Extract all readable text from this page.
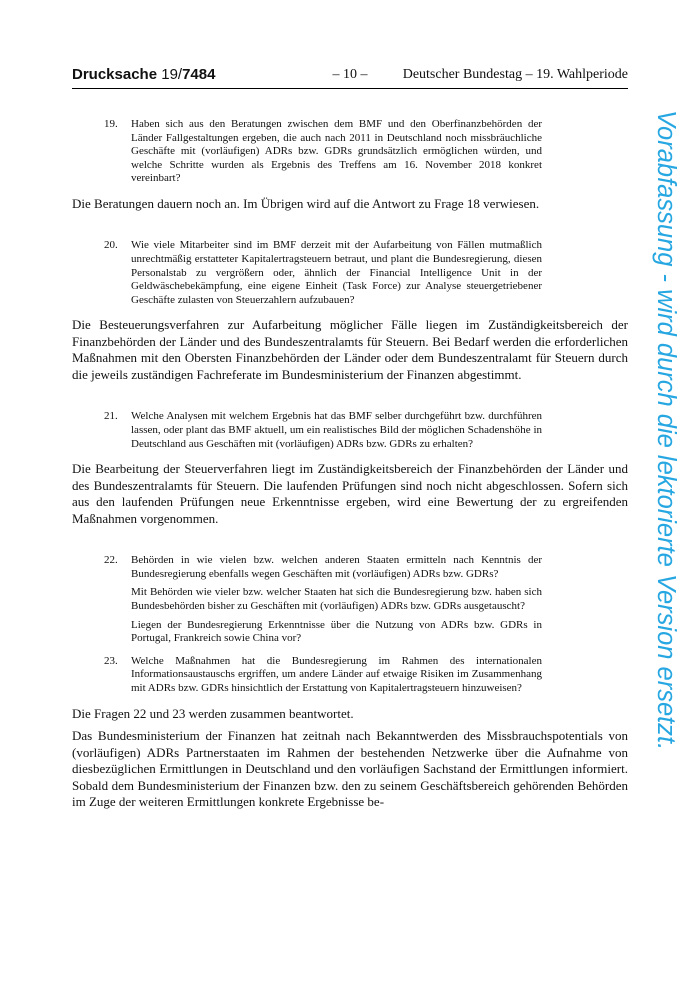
Drucksache 19/7484	– 10 –	Deutscher Bundestag – 19. Wahlperiode
Vorabfassung - wird durch die lektorierte Version ersetzt.
19. Haben sich aus den Beratungen zwischen dem BMF und den Oberfinanzbehörden der Länder Fallgestaltungen ergeben, die auch nach 2011 in Deutschland noch missbräuchliche Geschäfte mit (vorläufigen) ADRs bzw. GDRs grundsätzlich ermöglichen würden, und welche Schritte wurden als Ergebnis des Treffens am 16. November 2018 konkret vereinbart?

Die Beratungen dauern noch an. Im Übrigen wird auf die Antwort zu Frage 18 verwiesen.

20. Wie viele Mitarbeiter sind im BMF derzeit mit der Aufarbeitung von Fällen mutmaßlich unrechtmäßig erstatteter Kapitalertragsteuern betraut, und plant die Bundesregierung, diesen Personalstab zu vergrößern oder, ähnlich der Financial Intelligence Unit in der Geldwäschebekämpfung, eine eigene Einheit (Task Force) zur Analyse steuergetriebener Geschäfte zulasten von Steuerzahlern aufzubauen?

Die Besteuerungsverfahren zur Aufarbeitung möglicher Fälle liegen im Zuständigkeitsbereich der Finanzbehörden der Länder und des Bundeszentralamts für Steuern. Bei Bedarf werden die erforderlichen Maßnahmen mit den Obersten Finanzbehörden der Länder oder dem Bundeszentralamt für Steuern durch die jeweils zuständigen Fachreferate im Bundesministerium der Finanzen abgestimmt.

21. Welche Analysen mit welchem Ergebnis hat das BMF selber durchgeführt bzw. durchführen lassen, oder plant das BMF aktuell, um ein realistisches Bild der möglichen Schadenshöhe in Deutschland aus Geschäften mit (vorläufigen) ADRs bzw. GDRs zu erhalten?

Die Bearbeitung der Steuerverfahren liegt im Zuständigkeitsbereich der Finanzbehörden der Länder und des Bundeszentralamts für Steuern. Die laufenden Prüfungen sind noch nicht abgeschlossen. Sofern sich aus den laufenden Prüfungen neue Erkenntnisse ergeben, wird eine Bewertung der zu ergreifenden Maßnahmen vorgenommen.

22. Behörden in wie vielen bzw. welchen anderen Staaten ermitteln nach Kenntnis der Bundesregierung ebenfalls wegen Geschäften mit (vorläufigen) ADRs bzw. GDRs?

Mit Behörden wie vieler bzw. welcher Staaten hat sich die Bundesregierung bzw. haben sich Bundesbehörden bisher zu Geschäften mit (vorläufigen) ADRs bzw. GDRs ausgetauscht?

Liegen der Bundesregierung Erkenntnisse über die Nutzung von ADRs bzw. GDRs in Portugal, Frankreich sowie China vor?

23. Welche Maßnahmen hat die Bundesregierung im Rahmen des internationalen Informationsaustauschs ergriffen, um andere Länder auf etwaige Risiken im Zusammenhang mit ADRs bzw. GDRs hinsichtlich der Erstattung von Kapitalertragsteuern hinzuweisen?

Die Fragen 22 und 23 werden zusammen beantwortet.

Das Bundesministerium der Finanzen hat zeitnah nach Bekanntwerden des Missbrauchspotentials von (vorläufigen) ADRs Partnerstaaten im Rahmen der bestehenden Netzwerke über die Aufnahme von diesbezüglichen Ermittlungen in Deutschland und den vorläufigen Sachstand der Ermittlungen informiert. Sobald dem Bundesministerium der Finanzen bzw. den zu seinem Geschäftsbereich gehörenden Behörden im Zuge der weiteren Ermittlungen konkrete Ergebnisse be-
